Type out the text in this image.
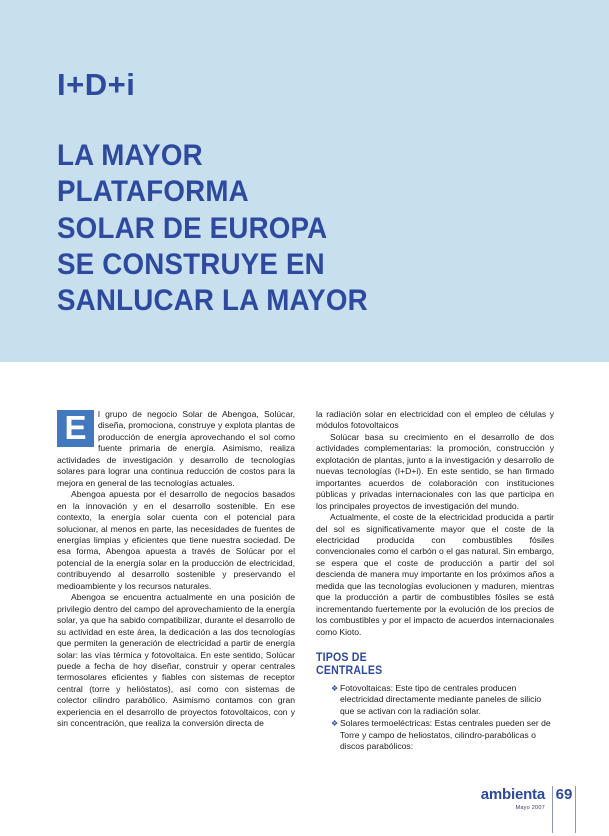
I+D+i
LA MAYOR
PLATAFORMA
SOLAR DE EUROPA
SE CONSTRUYE EN
SANLUCAR LA MAYOR

E	l grupo de negocio Solar de Abengoa, Solúcar, diseña, promociona, construye y explota plantas de producción de energía aprovechando el sol como fuente primaria de energía. Asimismo, realiza actividades de investigación y desarrollo de tecnologías solares para lograr una continua reducción de costos para la mejora en general de las tecnologías actuales.

Abengoa apuesta por el desarrollo de negocios basados en la innovación y en el desarrollo sostenible. En ese contexto, la energía solar cuenta con el potencial para solucionar, al menos en parte, las necesidades de fuentes de energías limpias y eficientes que tiene nuestra sociedad. De esa forma, Abengoa apuesta a través de Solúcar por el potencial de la energía solar en la producción de electricidad, contribuyendo al desarrollo sostenible y preservando el medioambiente y los recursos naturales.

Abengoa se encuentra actualmente en una posición de privilegio dentro del campo del aprovechamiento de la energía solar, ya que ha sabido compatibilizar, durante el desarrollo de su actividad en este área, la dedicación a las dos tecnologías que permiten la generación de electricidad a partir de energía solar: las vías térmica y fotovoltaica. En este sentido, Solúcar puede a fecha de hoy diseñar, construir y operar centrales termosolares eficientes y fiables con sistemas de receptor central (torre y helióstatos), así como con sistemas de colector cilindro parabólico. Asimismo contamos con gran experiencia en el desarrollo de proyectos fotovoltaicos, con y sin concentración, que realiza la conversión directa de

la radiación solar en electricidad con el empleo de células y módulos fotovoltaicos

Solúcar basa su crecimiento en el desarrollo de dos actividades complementarias: la promoción, construcción y explotación de plantas, junto a la investigación y desarrollo de nuevas tecnologías (I+D+i). En este sentido, se han firmado importantes acuerdos de colaboración con instituciones públicas y privadas internacionales con las que participa en los principales proyectos de investigación del mundo.

Actualmente, el coste de la electricidad producida a partir del sol es significativamente mayor que el coste de la electricidad producida con combustibles fósiles convencionales como el carbón o el gas natural. Sin embargo, se espera que el coste de producción a partir del sol descienda de manera muy importante en los próximos años a medida que las tecnologías evolucionen y maduren, mientras que la producción a partir de combustibles fósiles se está incrementando fuertemente por la evolución de los precios de los combustibles y por el impacto de acuerdos internacionales como Kioto.

TIPOS DE
CENTRALES
❖ Fotovoltaicas: Este tipo de centrales producen electricidad directamente mediante paneles de silicio que se activan con la radiación solar.
❖ Solares termoeléctricas: Estas centrales pueden ser de Torre y campo de heliostatos, cilindro-parabólicas o discos parabólicos:
ambienta
Mayo 2007
69
